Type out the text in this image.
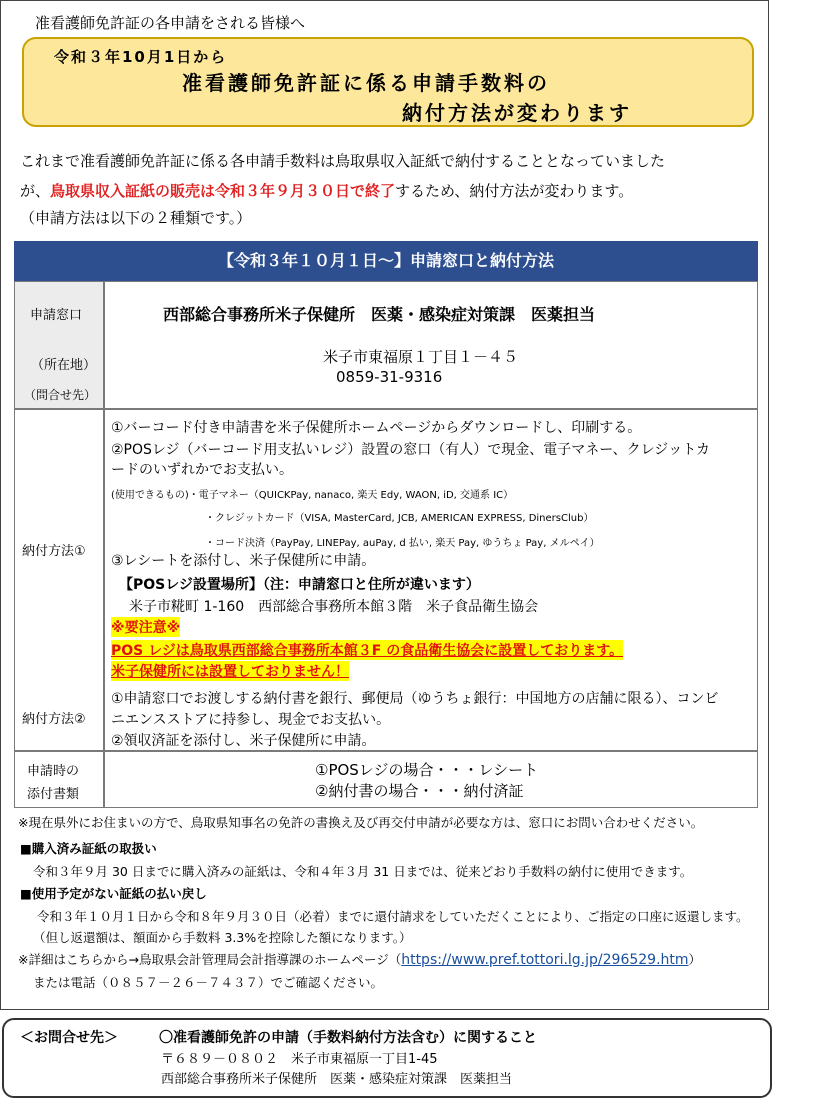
准看護師免許証の各申請をされる皆様へ
令和３年10月1日から
准看護師免許証に係る申請手数料の
納付方法が変わります
これまで准看護師免許証に係る各申請手数料は鳥取県収入証紙で納付することとなっていました
が、鳥取県収入証紙の販売は令和３年９月３０日で終了するため、納付方法が変わります。
（申請方法は以下の２種類です。）
【令和３年１０月１日～】申請窓口と納付方法
申請窓口
（所在地）
（問合せ先）
西部総合事務所米子保健所　医薬・感染症対策課　医薬担当
米子市東福原１丁目１－４５
0859-31-9316
納付方法①
納付方法②
①バーコード付き申請書を米子保健所ホームページからダウンロードし、印刷する。
②POSレジ（バーコード用支払いレジ）設置の窓口（有人）で現金、電子マネー、クレジットカ
ードのいずれかでお支払い。
(使用できるもの)・電子マネー（QUICKPay, nanaco, 楽天 Edy, WAON, iD, 交通系 IC）
・クレジットカード（VISA, MasterCard, JCB, AMERICAN EXPRESS, DinersClub）
・コード決済（PayPay, LINEPay, auPay, d 払い, 楽天 Pay, ゆうちょ Pay, メルペイ）
③レシートを添付し、米子保健所に申請。
【POSレジ設置場所】（注：申請窓口と住所が違います）
米子市糀町 1-160　西部総合事務所本館３階　米子食品衛生協会
※要注意※
POS レジは鳥取県西部総合事務所本館３F の食品衛生協会に設置しております。
米子保健所には設置しておりません！
①申請窓口でお渡しする納付書を銀行、郵便局（ゆうちょ銀行：中国地方の店舗に限る）、コンビ
ニエンスストアに持参し、現金でお支払い。
②領収済証を添付し、米子保健所に申請。
申請時の
添付書類
①POSレジの場合・・・レシート
②納付書の場合・・・納付済証
※現在県外にお住まいの方で、鳥取県知事名の免許の書換え及び再交付申請が必要な方は、窓口にお問い合わせください。
■購入済み証紙の取扱い
令和３年９月 30 日までに購入済みの証紙は、令和４年３月 31 日までは、従来どおり手数料の納付に使用できます。
■使用予定がない証紙の払い戻し
令和３年１０月１日から令和８年９月３０日（必着）までに還付請求をしていただくことにより、ご指定の口座に返還します。
（但し返還額は、額面から手数料 3.3%を控除した額になります。）
※詳細はこちらから→鳥取県会計管理局会計指導課のホームページ（https://www.pref.tottori.lg.jp/296529.htm）
または電話（０８５７－２６－７４３７）でご確認ください。
＜お問合せ先＞	〇准看護師免許の申請（手数料納付方法含む）に関すること
〒６８９－０８０２　米子市東福原一丁目1-45
西部総合事務所米子保健所　医薬・感染症対策課　医薬担当
